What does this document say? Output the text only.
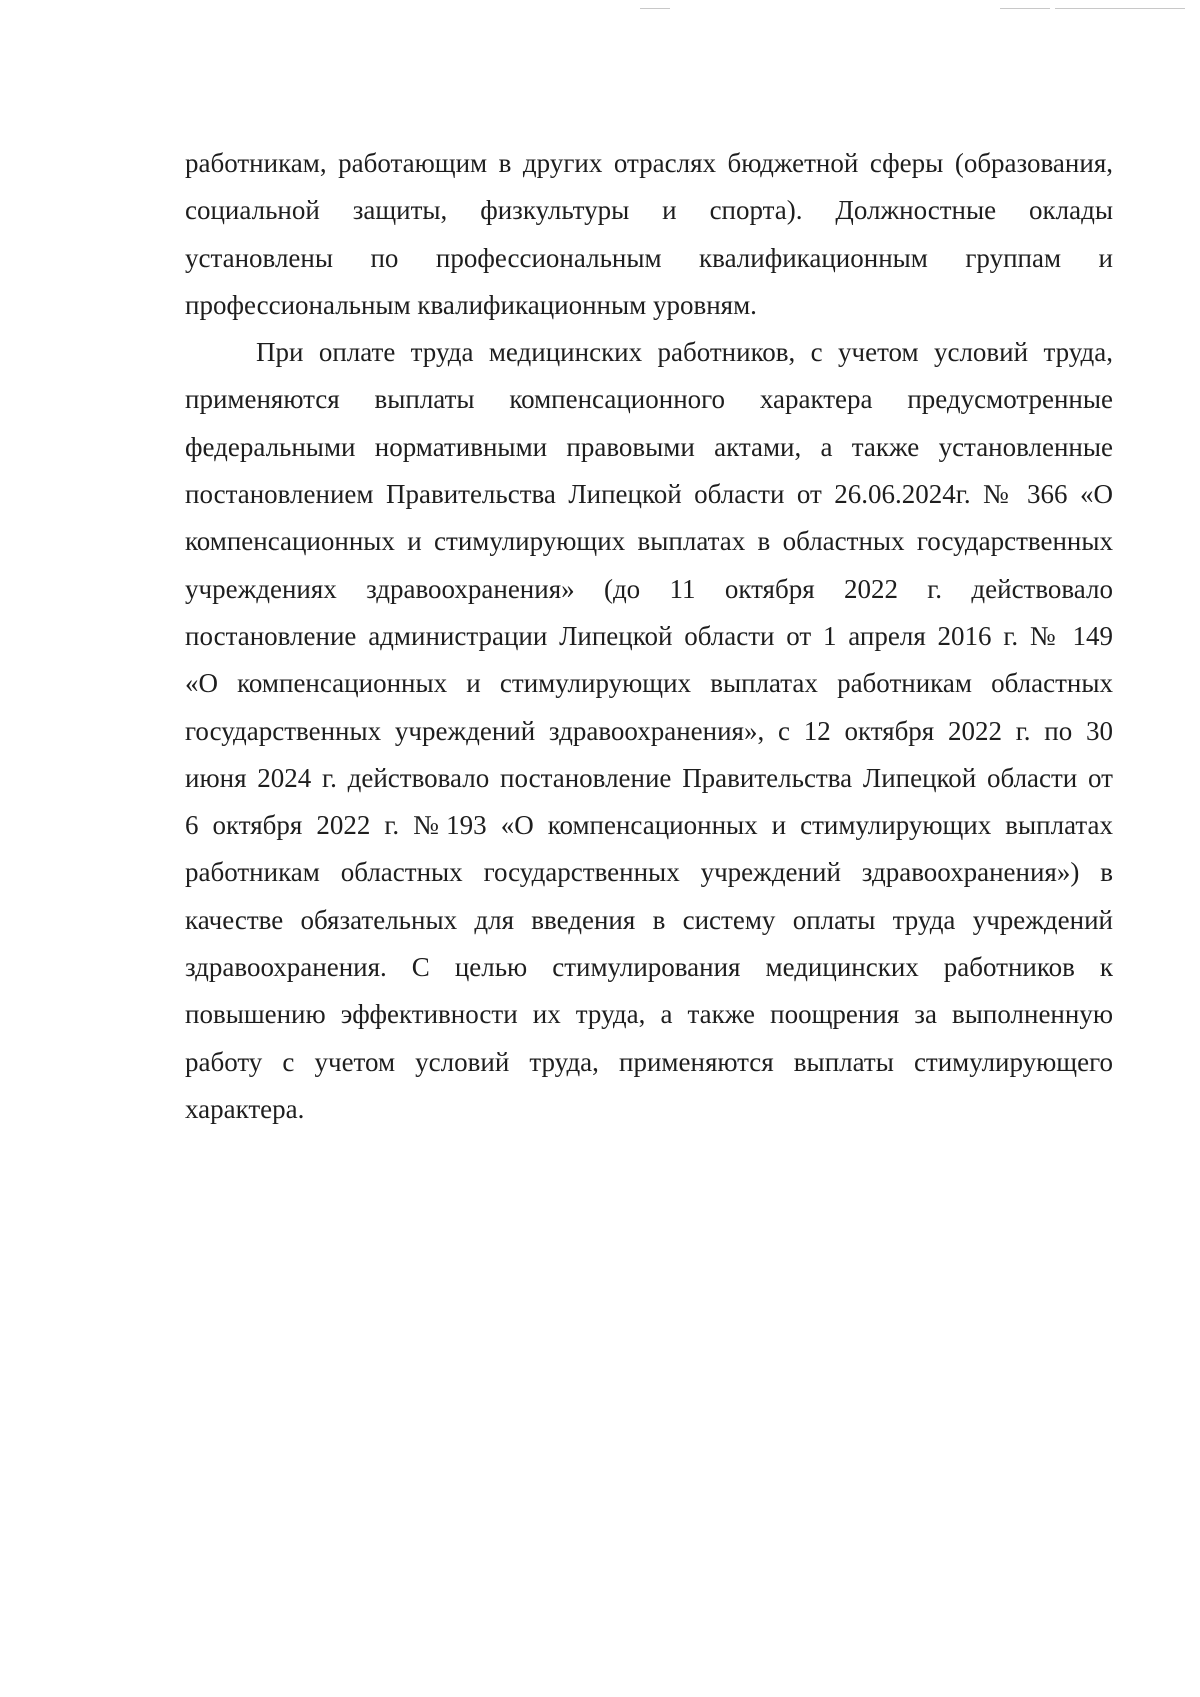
работникам, работающим в других отраслях бюджетной сферы (образования,
социальной защиты, физкультуры и спорта). Должностные оклады
установлены по профессиональным квалификационным группам и
профессиональным квалификационным уровням.
При оплате труда медицинских работников, с учетом условий труда,
применяются выплаты компенсационного характера предусмотренные
федеральными нормативными правовыми актами, а также установленные
постановлением Правительства Липецкой области от 26.06.2024г. № 366 «О
компенсационных и стимулирующих выплатах в областных государственных
учреждениях здравоохранения» (до 11 октября 2022 г. действовало
постановление администрации Липецкой области от 1 апреля 2016 г. № 149
«О компенсационных и стимулирующих выплатах работникам областных
государственных учреждений здравоохранения», с 12 октября 2022 г. по 30
июня 2024 г. действовало постановление Правительства Липецкой области от
6 октября 2022 г. №193 «О компенсационных и стимулирующих выплатах
работникам областных государственных учреждений здравоохранения») в
качестве обязательных для введения в систему оплаты труда учреждений
здравоохранения. С целью стимулирования медицинских работников к
повышению эффективности их труда, а также поощрения за выполненную
работу с учетом условий труда, применяются выплаты стимулирующего
характера.
